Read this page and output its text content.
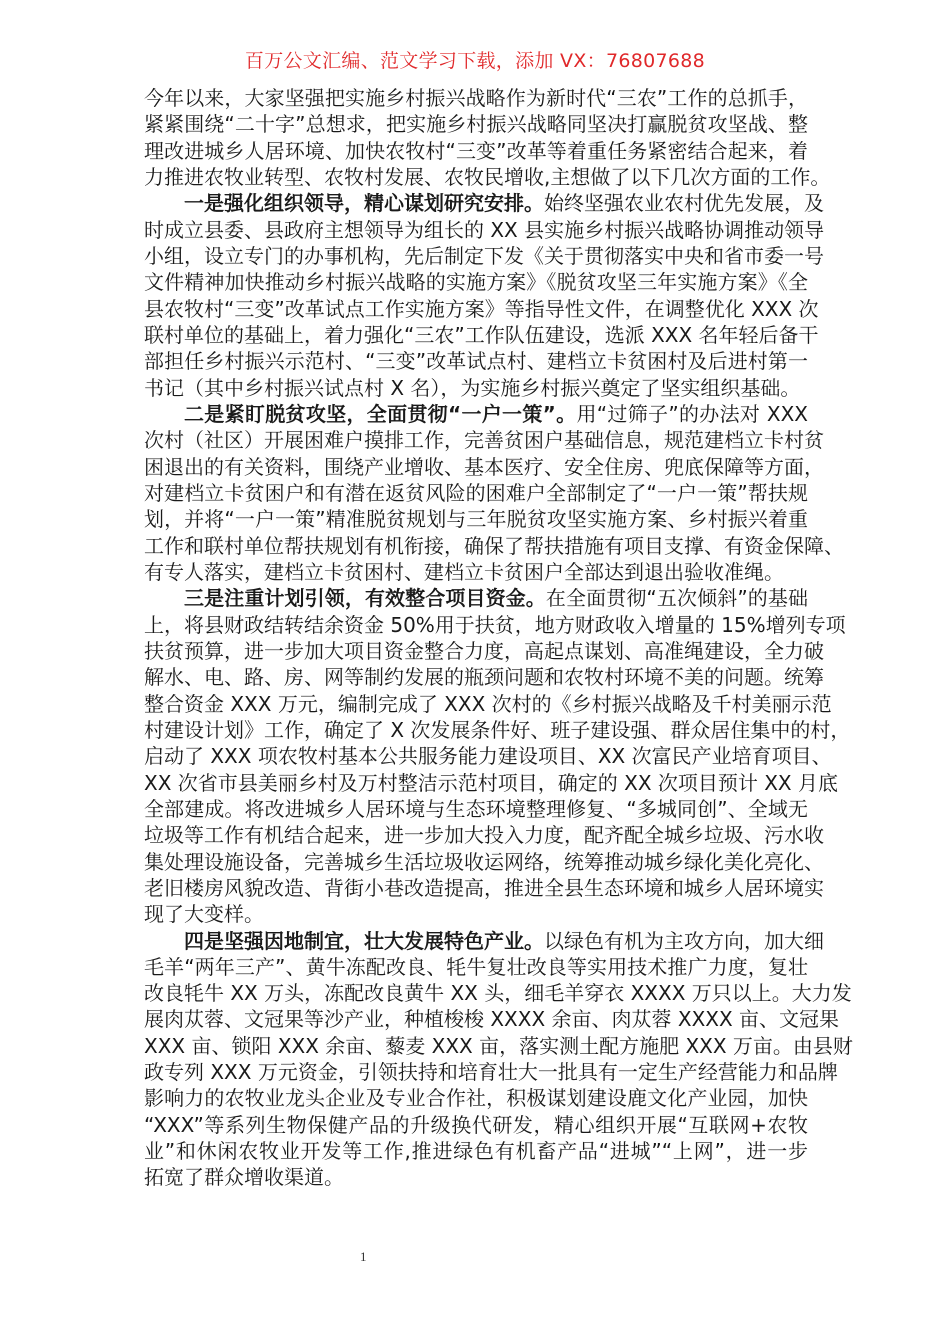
百万公文汇编、范文学习下载，添加 VX：76807688
今年以来，大家坚强把实施乡村振兴战略作为新时代“三农”工作的总抓手，
紧紧围绕“二十字”总想求，把实施乡村振兴战略同坚决打赢脱贫攻坚战、整
理改进城乡人居环境、加快农牧村“三变”改革等着重任务紧密结合起来，着
力推进农牧业转型、农牧村发展、农牧民增收,主想做了以下几次方面的工作。
一是强化组织领导，精心谋划研究安排。始终坚强农业农村优先发展，及
时成立县委、县政府主想领导为组长的 XX 县实施乡村振兴战略协调推动领导
小组，设立专门的办事机构，先后制定下发《关于贯彻落实中央和省市委一号
文件精神加快推动乡村振兴战略的实施方案》《脱贫攻坚三年实施方案》《全
县农牧村“三变”改革试点工作实施方案》等指导性文件，在调整优化 XXX 次
联村单位的基础上，着力强化“三农”工作队伍建设，选派 XXX 名年轻后备干
部担任乡村振兴示范村、“三变”改革试点村、建档立卡贫困村及后进村第一
书记（其中乡村振兴试点村 X 名），为实施乡村振兴奠定了坚实组织基础。
二是紧盯脱贫攻坚，全面贯彻“一户一策”。用“过筛子”的办法对 XXX
次村（社区）开展困难户摸排工作，完善贫困户基础信息，规范建档立卡村贫
困退出的有关资料，围绕产业增收、基本医疗、安全住房、兜底保障等方面，
对建档立卡贫困户和有潜在返贫风险的困难户全部制定了“一户一策”帮扶规
划，并将“一户一策”精准脱贫规划与三年脱贫攻坚实施方案、乡村振兴着重
工作和联村单位帮扶规划有机衔接，确保了帮扶措施有项目支撑、有资金保障、
有专人落实，建档立卡贫困村、建档立卡贫困户全部达到退出验收准绳。
三是注重计划引领，有效整合项目资金。在全面贯彻“五次倾斜”的基础
上，将县财政结转结余资金 50%用于扶贫，地方财政收入增量的 15%增列专项
扶贫预算，进一步加大项目资金整合力度，高起点谋划、高准绳建设，全力破
解水、电、路、房、网等制约发展的瓶颈问题和农牧村环境不美的问题。统筹
整合资金 XXX 万元，编制完成了 XXX 次村的《乡村振兴战略及千村美丽示范
村建设计划》工作，确定了 X 次发展条件好、班子建设强、群众居住集中的村，
启动了 XXX 项农牧村基本公共服务能力建设项目、XX 次富民产业培育项目、
XX 次省市县美丽乡村及万村整洁示范村项目，确定的 XX 次项目预计 XX 月底
全部建成。将改进城乡人居环境与生态环境整理修复、“多城同创”、全域无
垃圾等工作有机结合起来，进一步加大投入力度，配齐配全城乡垃圾、污水收
集处理设施设备，完善城乡生活垃圾收运网络，统筹推动城乡绿化美化亮化、
老旧楼房风貌改造、背街小巷改造提高，推进全县生态环境和城乡人居环境实
现了大变样。
四是坚强因地制宜，壮大发展特色产业。以绿色有机为主攻方向，加大细
毛羊“两年三产”、黄牛冻配改良、牦牛复壮改良等实用技术推广力度，复壮
改良牦牛 XX 万头，冻配改良黄牛 XX 头，细毛羊穿衣 XXXX 万只以上。大力发
展肉苁蓉、文冠果等沙产业，种植梭梭 XXXX 余亩、肉苁蓉 XXXX 亩、文冠果
XXX 亩、锁阳 XXX 余亩、藜麦 XXX 亩，落实测土配方施肥 XXX 万亩。由县财
政专列 XXX 万元资金，引领扶持和培育壮大一批具有一定生产经营能力和品牌
影响力的农牧业龙头企业及专业合作社，积极谋划建设鹿文化产业园，加快
“XXX”等系列生物保健产品的升级换代研发，精心组织开展“互联网+农牧
业”和休闲农牧业开发等工作,推进绿色有机畜产品“进城”“上网”，进一步
拓宽了群众增收渠道。
1
